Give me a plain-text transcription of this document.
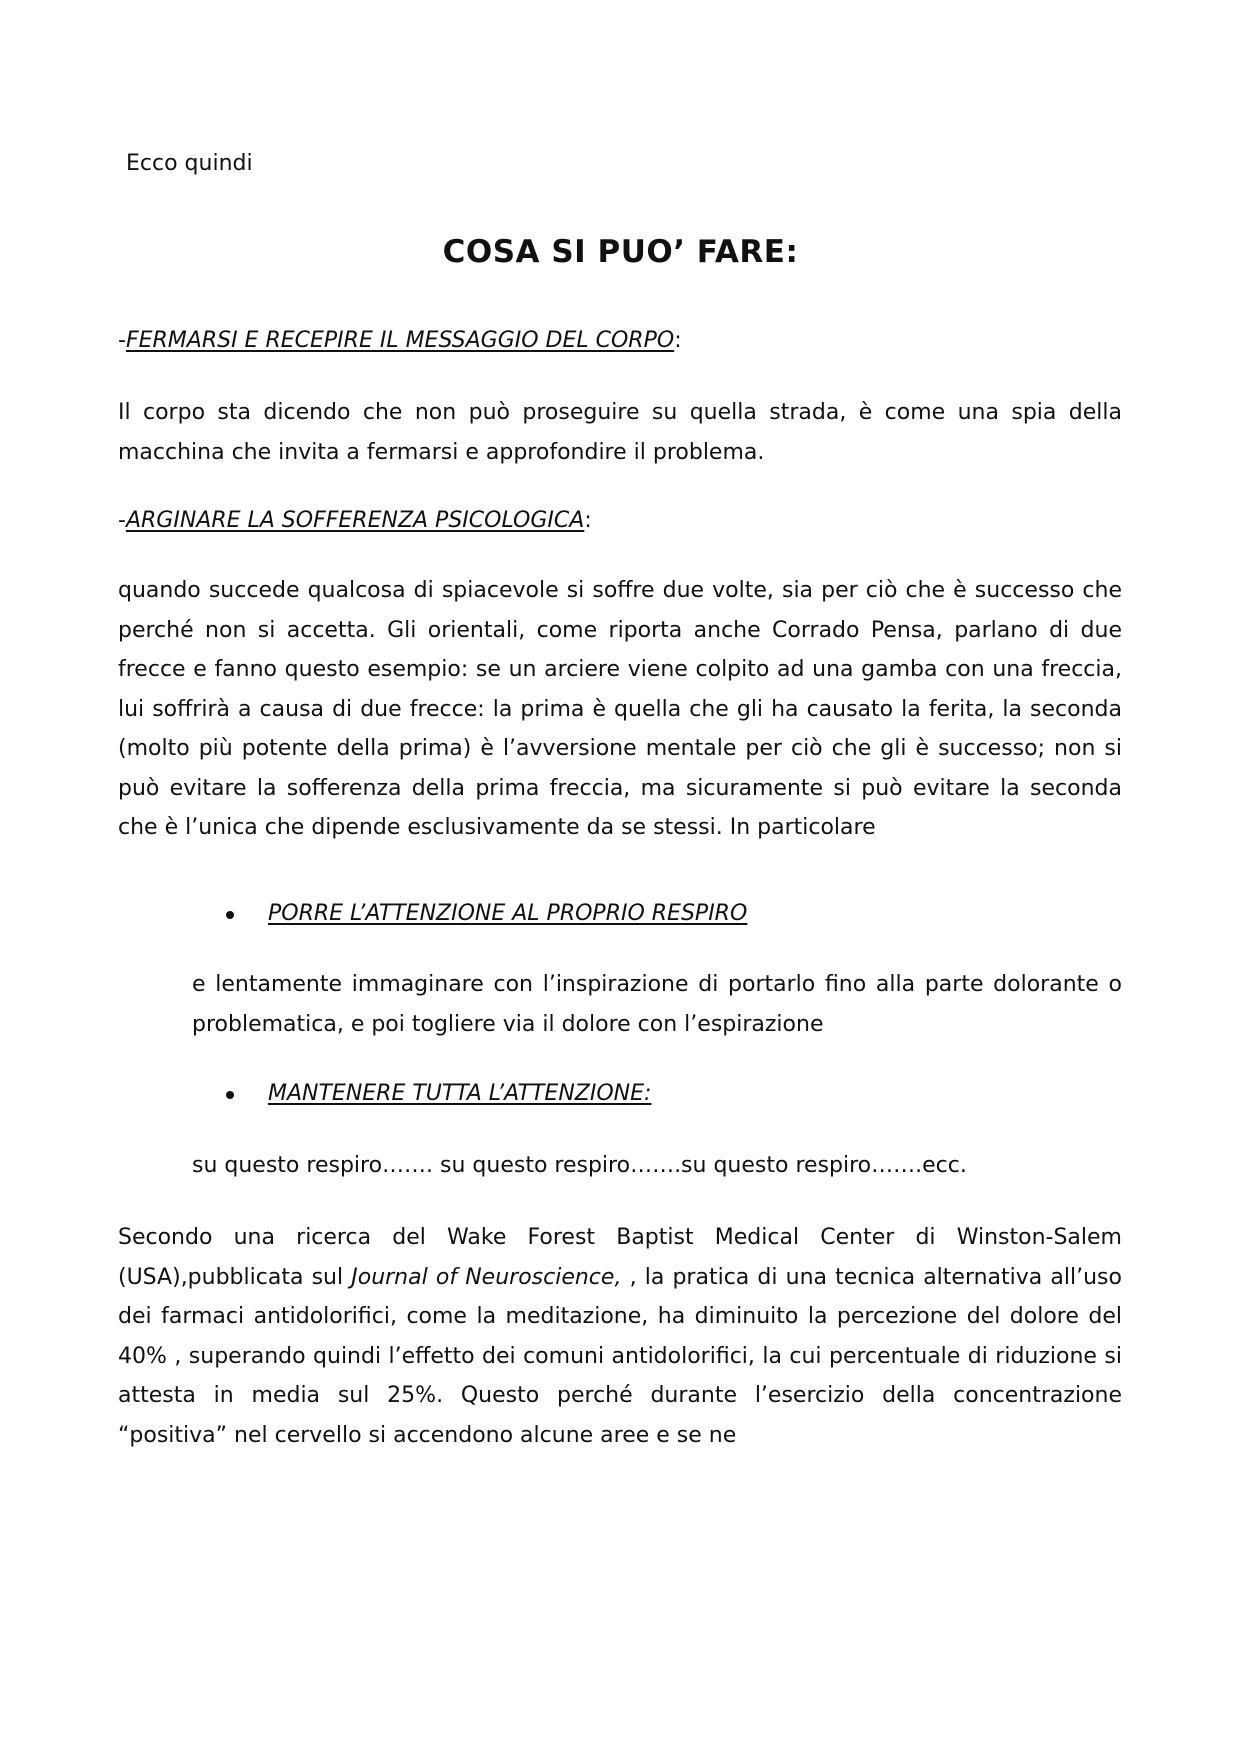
Ecco quindi
COSA SI PUO’ FARE:
-FERMARSI E RECEPIRE IL MESSAGGIO DEL CORPO:

Il corpo sta dicendo che non può proseguire su quella strada, è come una spia della macchina che invita a fermarsi e approfondire il problema.

-ARGINARE LA SOFFERENZA PSICOLOGICA:

quando succede qualcosa di spiacevole si soffre due volte, sia per ciò che è successo che perché non si accetta. Gli orientali, come riporta anche Corrado Pensa, parlano di due frecce e fanno questo esempio: se un arciere viene colpito ad una gamba con una freccia, lui soffrirà a causa di due frecce: la prima è quella che gli ha causato la ferita, la seconda (molto più potente della prima) è l’avversione mentale per ciò che gli è successo; non si può evitare la sofferenza della prima freccia, ma sicuramente si può evitare la seconda che è l’unica che dipende esclusivamente da se stessi. In particolare

PORRE L’ATTENZIONE AL PROPRIO RESPIRO

e lentamente immaginare con l’inspirazione di portarlo fino alla parte dolorante o problematica, e poi togliere via il dolore con l’espirazione

MANTENERE TUTTA L’ATTENZIONE:

su questo respiro……. su questo respiro…….su questo respiro…….ecc.

Secondo una ricerca del Wake Forest Baptist Medical Center di Winston-Salem (USA),pubblicata sul Journal of Neuroscience, , la pratica di una tecnica alternativa all’uso dei farmaci antidolorifici, come la meditazione, ha diminuito la percezione del dolore del 40% , superando quindi l’effetto dei comuni antidolorifici, la cui percentuale di riduzione si attesta in media sul 25%. Questo perché durante l’esercizio della concentrazione “positiva” nel cervello si accendono alcune aree e se ne
